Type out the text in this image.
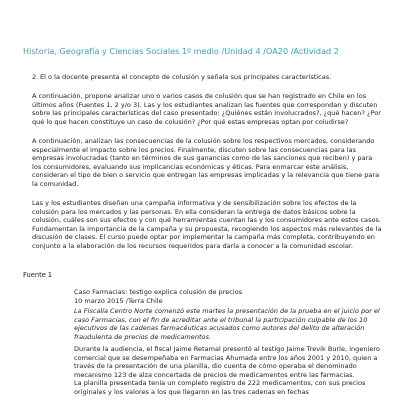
Historia, Geografía y Ciencias Sociales 1º medio /Unidad 4 /OA20 /Actividad 2
2. El o la docente presenta el concepto de colusión y señala sus principales características.

A continuación, propone analizar uno o varios casos de colusión que se han registrado en Chile en los últimos años (Fuentes 1, 2 y/o 3). Las y los estudiantes analizan las fuentes que correspondan y discuten sobre las principales características del caso presentado: ¿Quiénes están involucrados?, ¿qué hacen? ¿Por qué lo que hacen constituye un caso de colusión? ¿Por qué estas empresas optan por coludirse?

A continuación, analizan las consecuencias de la colusión sobre los respectivos mercados, considerando especialmente el impacto sobre los precios. Finalmente, discuten sobre las consecuencias para las empresas involucradas (tanto en términos de sus ganancias como de las sanciones que reciben) y para los consumidores, evaluando sus implicancias económicas y éticas. Para enmarcar este análisis, consideran el tipo de bien o servicio que entregan las empresas implicadas y la relevancia que tiene para la comunidad.

Las y los estudiantes diseñan una campaña informativa y de sensibilización sobre los efectos de la colusión para los mercados y las personas. En ella consideran la entrega de datos básicos sobre la colusión, cuáles son sus efectos y con qué herramientas cuentan las y los consumidores ante estos casos. Fundamentan la importancia de la campaña y su propuesta, recogiendo los aspectos más relevantes de la discusión de clases. El curso puede optar por implementar la campaña más completa, contribuyendo en conjunto a la elaboración de los recursos requeridos para darla a conocer a la comunidad escolar.

Fuente 1
Caso Farmacias: testigo explica colusión de precios
10 marzo 2015 /Terra Chile

La Fiscalía Centro Norte comenzó este martes la presentación de la prueba en el juicio por el caso Farmacias, con el fin de acreditar ante el tribunal la participación culpable de los 10 ejecutivos de las cadenas farmacéuticas acusados como autores del delito de alteración fraudulenta de precios de medicamentos.

Durante la audiencia, el fiscal Jaime Retamal presentó al testigo Jaime Trevik Burle, ingeniero comercial que se desempeñaba en Farmacias Ahumada entre los años 2001 y 2010, quien a través de la presentación de una planilla, dio cuenta de cómo operaba el denominado mecanismo 123 de alza concertada de precios de medicamentos entre las farmacias.

La planilla presentada tenía un completo registro de 222 medicamentos, con sus precios originales y los valores a los que llegaron en las tres cadenas en fechas
